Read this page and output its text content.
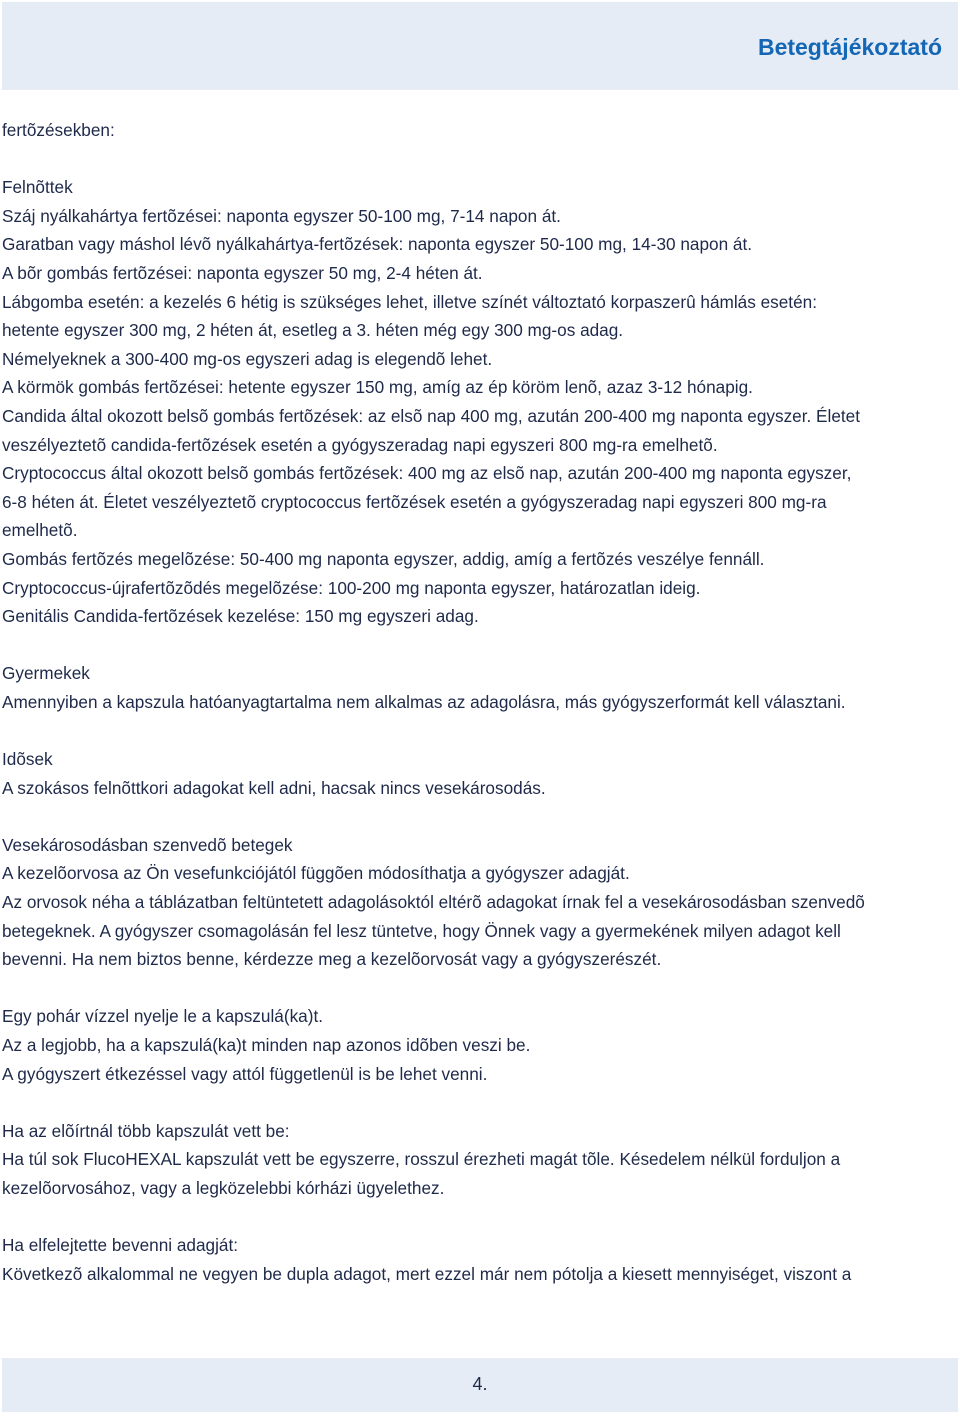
Betegtájékoztató

fertõzésekben:

Felnõttek

Száj nyálkahártya fertõzései: naponta egyszer 50-100 mg, 7-14 napon át.

Garatban vagy máshol lévõ nyálkahártya-fertõzések: naponta egyszer 50-100 mg, 14-30 napon át.

A bõr gombás fertõzései: naponta egyszer 50 mg, 2-4 héten át.

Lábgomba esetén: a kezelés 6 hétig is szükséges lehet, illetve színét változtató korpaszerû hámlás esetén:

hetente egyszer 300 mg, 2 héten át, esetleg a 3. héten még egy 300 mg-os adag.

Némelyeknek a 300-400 mg-os egyszeri adag is elegendõ lehet.

A körmök gombás fertõzései: hetente egyszer 150 mg, amíg az ép köröm lenõ, azaz 3-12 hónapig.

Candida által okozott belsõ gombás fertõzések: az elsõ nap 400 mg, azután 200-400 mg naponta egyszer. Életet

veszélyeztetõ candida-fertõzések esetén a gyógyszeradag napi egyszeri 800 mg-ra emelhetõ.

Cryptococcus által okozott belsõ gombás fertõzések: 400 mg az elsõ nap, azután 200-400 mg naponta egyszer,

6-8 héten át. Életet veszélyeztetõ cryptococcus fertõzések esetén a gyógyszeradag napi egyszeri 800 mg-ra

emelhetõ.

Gombás fertõzés megelõzése: 50-400 mg naponta egyszer, addig, amíg a fertõzés veszélye fennáll.

Cryptococcus-újrafertõzõdés megelõzése: 100-200 mg naponta egyszer, határozatlan ideig.

Genitális Candida-fertõzések kezelése: 150 mg egyszeri adag.

Gyermekek

Amennyiben a kapszula hatóanyagtartalma nem alkalmas az adagolásra, más gyógyszerformát kell választani.

Idõsek

A szokásos felnõttkori adagokat kell adni, hacsak nincs vesekárosodás.

Vesekárosodásban szenvedõ betegek

A kezelõorvosa az Ön vesefunkciójától függõen módosíthatja a gyógyszer adagját.

Az orvosok néha a táblázatban feltüntetett adagolásoktól eltérõ adagokat írnak fel a vesekárosodásban szenvedõ

betegeknek. A gyógyszer csomagolásán fel lesz tüntetve, hogy Önnek vagy a gyermekének milyen adagot kell

bevenni. Ha nem biztos benne, kérdezze meg a kezelõorvosát vagy a gyógyszerészét.

Egy pohár vízzel nyelje le a kapszulá(ka)t.

Az a legjobb, ha a kapszulá(ka)t minden nap azonos idõben veszi be.

A gyógyszert étkezéssel vagy attól függetlenül is be lehet venni.

Ha az elõírtnál több kapszulát vett be:

Ha túl sok FlucoHEXAL kapszulát vett be egyszerre, rosszul érezheti magát tõle. Késedelem nélkül forduljon a

kezelõorvosához, vagy a legközelebbi kórházi ügyelethez.

Ha elfelejtette bevenni adagját:

Következõ alkalommal ne vegyen be dupla adagot, mert ezzel már nem pótolja a kiesett mennyiséget, viszont a

4.
